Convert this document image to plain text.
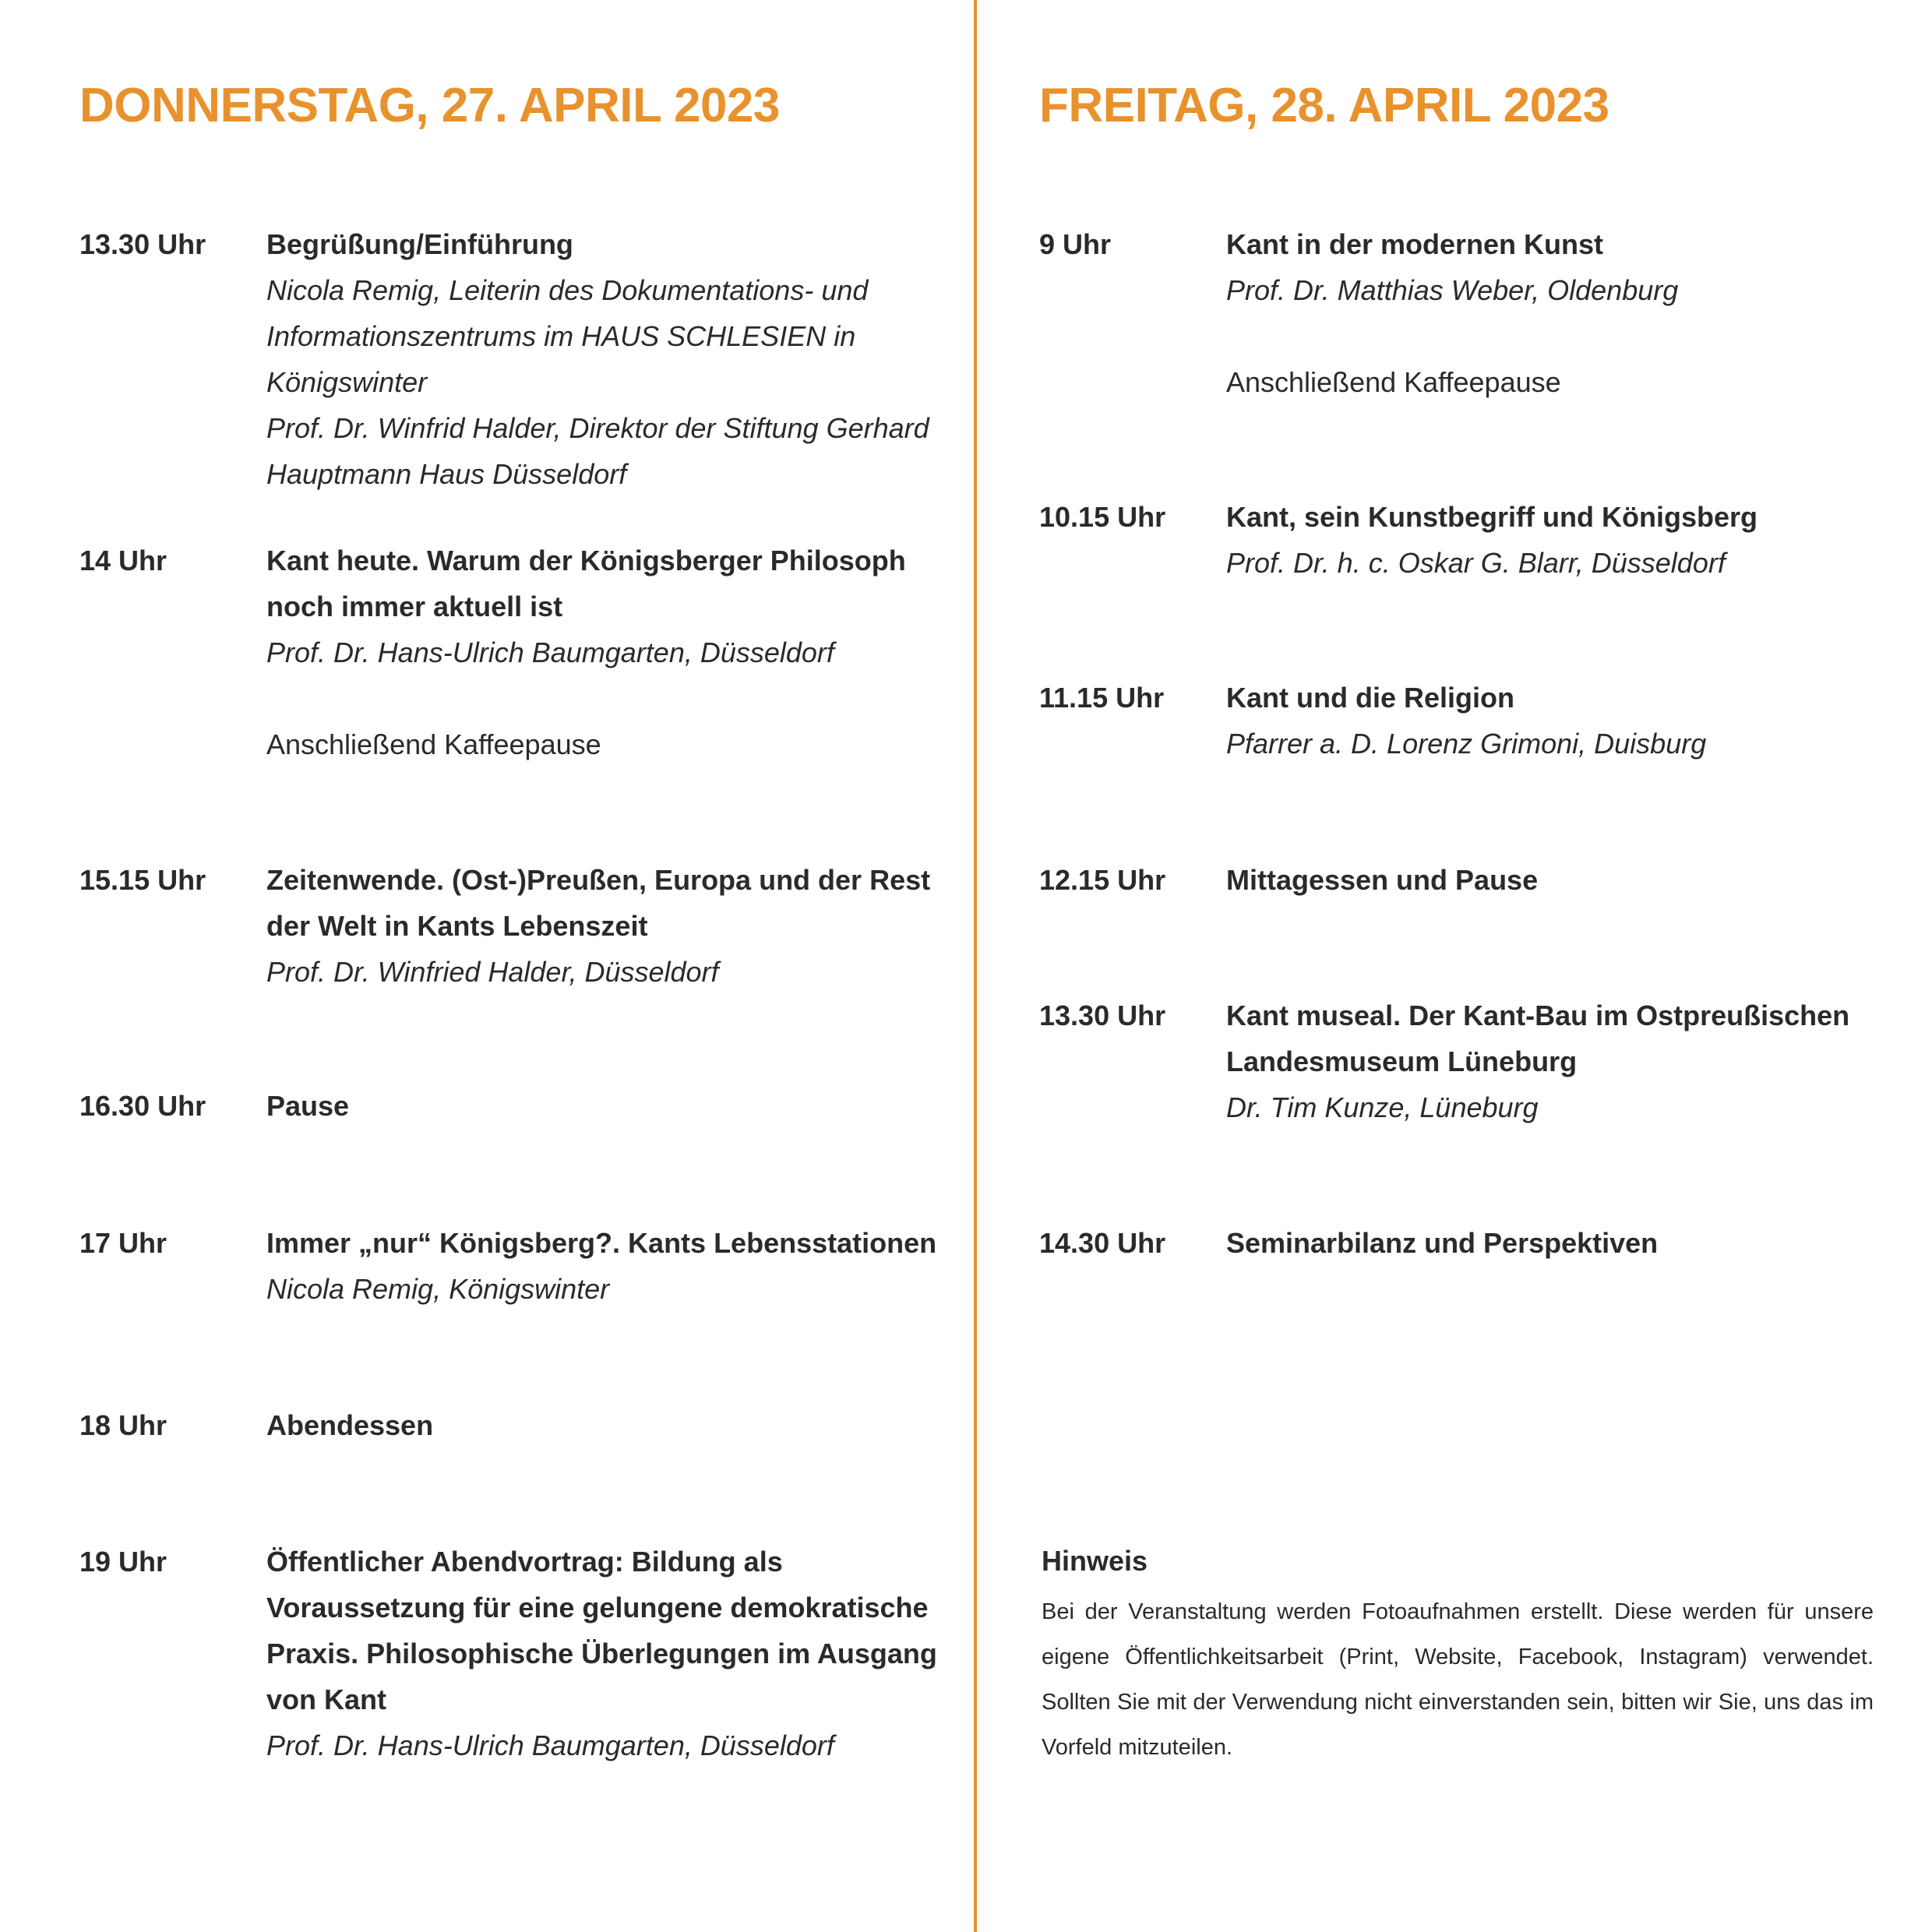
DONNERSTAG, 27. APRIL 2023	FREITAG, 28. APRIL 2023
13.30 Uhr Begrüßung/Einführung
Nicola Remig, Leiterin des Dokumentations- und Informationszentrums im HAUS SCHLESIEN in Königswinter
Prof. Dr. Winfrid Halder, Direktor der Stiftung Gerhard Hauptmann Haus Düsseldorf
14 Uhr	Kant heute. Warum der Königsberger Philosoph noch immer aktuell ist
Prof. Dr. Hans-Ulrich Baumgarten, Düsseldorf
Anschließend Kaffeepause
15.15 Uhr Zeitenwende. (Ost-)Preußen, Europa und der Rest der Welt in Kants Lebenszeit
Prof. Dr. Winfried Halder, Düsseldorf
16.30 Uhr Pause
17 Uhr	Immer „nur“ Königsberg?. Kants Lebensstationen
Nicola Remig, Königswinter
18 Uhr	Abendessen
19 Uhr	Öffentlicher Abendvortrag: Bildung als Voraussetzung für eine gelungene demokratische Praxis. Philosophische Überlegungen im Ausgang von Kant
Prof. Dr. Hans-Ulrich Baumgarten, Düsseldorf
9 Uhr	Kant in der modernen Kunst
Prof. Dr. Matthias Weber, Oldenburg
Anschließend Kaffeepause
10.15 Uhr Kant, sein Kunstbegriff und Königsberg
Prof. Dr. h. c. Oskar G. Blarr, Düsseldorf
11.15 Uhr Kant und die Religion
Pfarrer a. D. Lorenz Grimoni, Duisburg
12.15 Uhr Mittagessen und Pause
13.30 Uhr Kant museal. Der Kant-Bau im Ostpreußischen Landesmuseum Lüneburg
Dr. Tim Kunze, Lüneburg
14.30 Uhr Seminarbilanz und Perspektiven
Hinweis
Bei der Veranstaltung werden Fotoaufnahmen erstellt. Diese werden für unsere eigene Öffentlichkeitsarbeit (Print, Website, Facebook, Instagram) verwendet. Sollten Sie mit der Verwendung nicht einverstanden sein, bitten wir Sie, uns das im Vorfeld mitzuteilen.
